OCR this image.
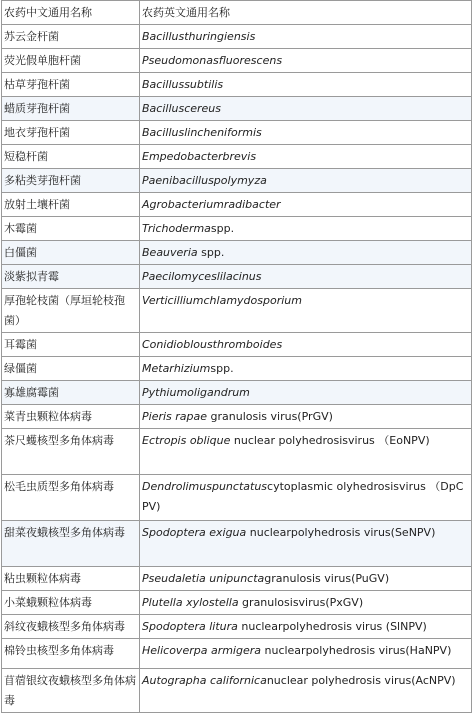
农药中文通用名称	农药英文通用名称
苏云金杆菌	Bacillusthuringiensis
荧光假单胞杆菌	Pseudomonasfluorescens
枯草芽孢杆菌	Bacillussubtilis
蜡质芽孢杆菌	Bacilluscereus
地衣芽孢杆菌	Bacilluslincheniformis
短稳杆菌	Empedobacterbrevis
多粘类芽孢杆菌	Paenibacilluspolymyza
放射土壤杆菌	Agrobacteriumradibacter
木霉菌	Trichodermaspp.
白僵菌	Beauveria spp.
淡紫拟青霉	Paecilomyceslilacinus
厚孢轮枝菌（厚垣轮枝孢菌）	Verticilliumchlamydosporium
耳霉菌	Conidioblousthromboides
绿僵菌	Metarhiziumspp.
寡雄腐霉菌	Pythiumoligandrum
菜青虫颗粒体病毒	Pieris rapae granulosis virus(PrGV)
茶尺蠖核型多角体病毒	Ectropis oblique nuclear polyhedrosisvirus （EoNPV)
松毛虫质型多角体病毒	Dendrolimuspunctatuscytoplasmic olyhedrosisvirus （DpCPV)
甜菜夜蛾核型多角体病毒	Spodoptera exigua nuclearpolyhedrosis virus(SeNPV)
粘虫颗粒体病毒	Pseudaletia unipunctagranulosis virus(PuGV)
小菜蛾颗粒体病毒	Plutella xylostella granulosisvirus(PxGV)
斜纹夜蛾核型多角体病毒	Spodoptera litura nuclearpolyhedrosis virus (SlNPV)
棉铃虫核型多角体病毒	Helicoverpa armigera nuclearpolyhedrosis virus(HaNPV)
苜蓿银纹夜蛾核型多角体病毒	Autographa californicanuclear polyhedrosis virus(AcNPV)
